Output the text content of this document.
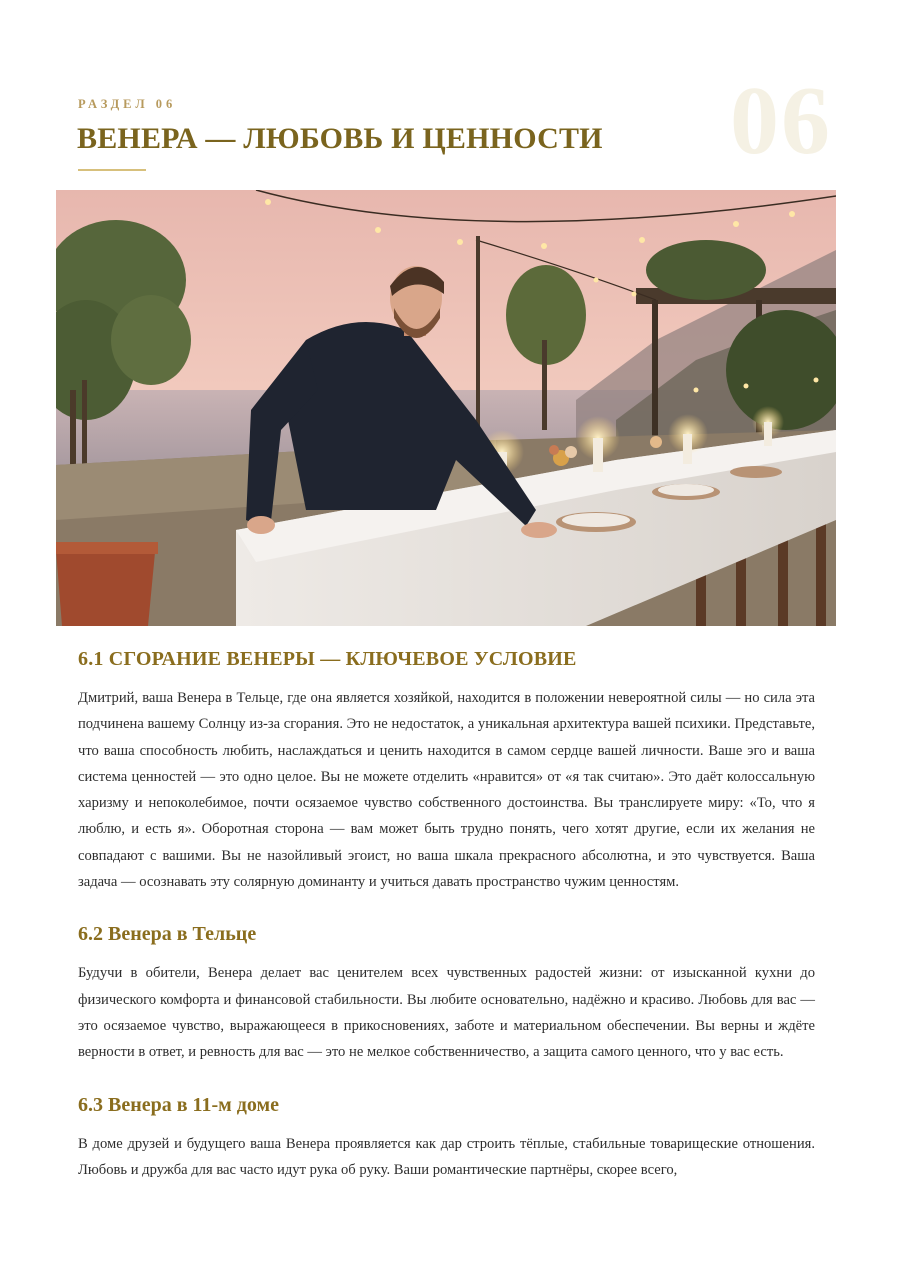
06
РАЗДЕЛ 06
ВЕНЕРА — ЛЮБОВЬ И ЦЕННОСТИ
6.1 СГОРАНИЕ ВЕНЕРЫ — КЛЮЧЕВОЕ УСЛОВИЕ

Дмитрий, ваша Венера в Тельце, где она является хозяйкой, находится в положении невероятной силы — но сила эта подчинена вашему Солнцу из-за сгорания. Это не недостаток, а уникальная архитектура вашей психики. Представьте, что ваша способность любить, наслаждаться и ценить находится в самом сердце вашей личности. Ваше эго и ваша система ценностей — это одно целое. Вы не можете отделить «нравится» от «я так считаю». Это даёт колоссальную харизму и непоколебимое, почти осязаемое чувство собственного достоинства. Вы транслируете миру: «То, что я люблю, и есть я». Оборотная сторона — вам может быть трудно понять, чего хотят другие, если их желания не совпадают с вашими. Вы не назойливый эгоист, но ваша шкала прекрасного абсолютна, и это чувствуется. Ваша задача — осознавать эту солярную доминанту и учиться давать пространство чужим ценностям.

6.2 Венера в Тельце

Будучи в обители, Венера делает вас ценителем всех чувственных радостей жизни: от изысканной кухни до физического комфорта и финансовой стабильности. Вы любите основательно, надёжно и красиво. Любовь для вас — это осязаемое чувство, выражающееся в прикосновениях, заботе и материальном обеспечении. Вы верны и ждёте верности в ответ, и ревность для вас — это не мелкое собственничество, а защита самого ценного, что у вас есть.

6.3 Венера в 11-м доме

В доме друзей и будущего ваша Венера проявляется как дар строить тёплые, стабильные товарищеские отношения. Любовь и дружба для вас часто идут рука об руку. Ваши романтические партнёры, скорее всего,
